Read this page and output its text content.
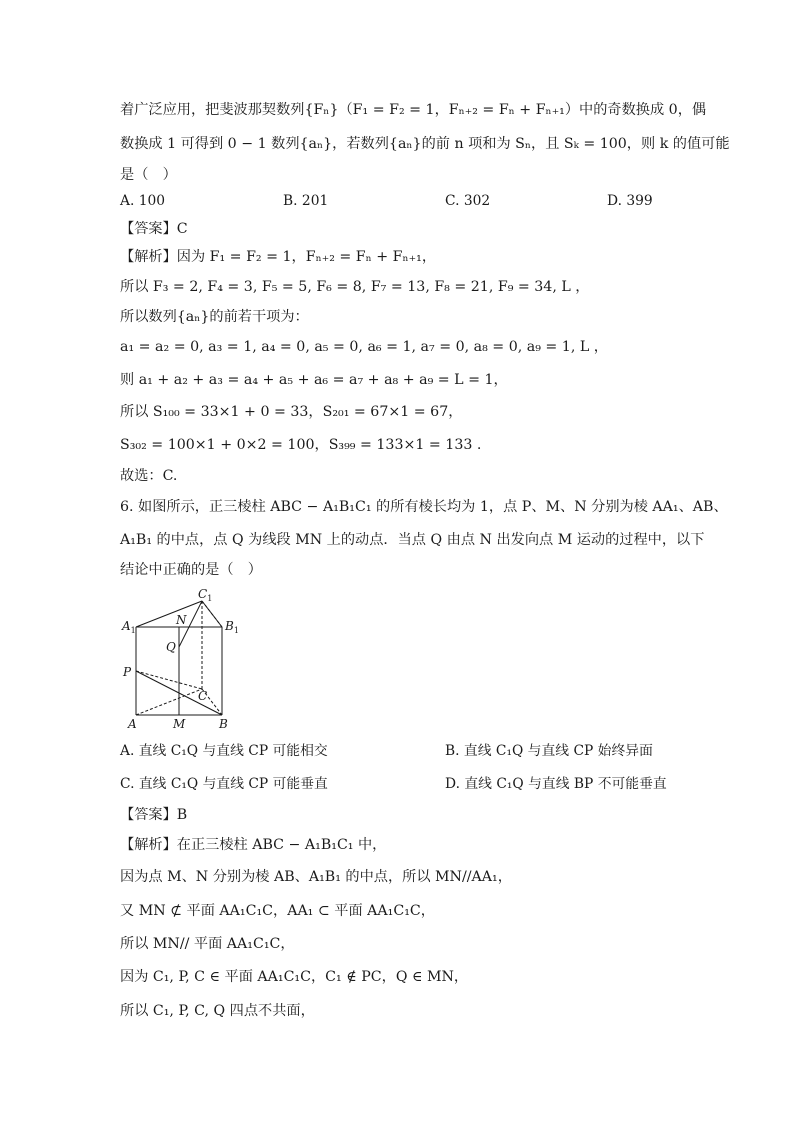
着广泛应用，把斐波那契数列{Fₙ}（F₁ = F₂ = 1，Fₙ₊₂ = Fₙ + Fₙ₊₁）中的奇数换成 0，偶
数换成 1 可得到 0 − 1 数列{aₙ}，若数列{aₙ}的前 n 项和为 Sₙ，且 Sₖ = 100，则 k 的值可能
是（　）
A. 100	B. 201	C. 302	D. 399
【答案】C
【解析】因为 F₁ = F₂ = 1，Fₙ₊₂ = Fₙ + Fₙ₊₁，
所以 F₃ = 2, F₄ = 3, F₅ = 5, F₆ = 8, F₇ = 13, F₈ = 21, F₉ = 34, L ，
所以数列{aₙ}的前若干项为：
a₁ = a₂ = 0, a₃ = 1, a₄ = 0, a₅ = 0, a₆ = 1, a₇ = 0, a₈ = 0, a₉ = 1, L ，
则 a₁ + a₂ + a₃ = a₄ + a₅ + a₆ = a₇ + a₈ + a₉ = L = 1，
所以 S₁₀₀ = 33×1 + 0 = 33，S₂₀₁ = 67×1 = 67，
S₃₀₂ = 100×1 + 0×2 = 100，S₃₉₉ = 133×1 = 133 .
故选：C.
6. 如图所示，正三棱柱 ABC − A₁B₁C₁ 的所有棱长均为 1，点 P、M、N 分别为棱 AA₁、AB、
A₁B₁ 的中点，点 Q 为线段 MN 上的动点．当点 Q 由点 N 出发向点 M 运动的过程中，以下
结论中正确的是（　）
$A_1$	$B_1$
$C_1$
N
Q
P
C
A	M	B
A. 直线 C₁Q 与直线 CP 可能相交	B. 直线 C₁Q 与直线 CP 始终异面
C. 直线 C₁Q 与直线 CP 可能垂直	D. 直线 C₁Q 与直线 BP 不可能垂直
【答案】B
【解析】在正三棱柱 ABC − A₁B₁C₁ 中，
因为点 M、N 分别为棱 AB、A₁B₁ 的中点，所以 MN//AA₁，
又 MN ⊄ 平面 AA₁C₁C，AA₁ ⊂ 平面 AA₁C₁C，
所以 MN// 平面 AA₁C₁C，
因为 C₁, P, C ∈ 平面 AA₁C₁C，C₁ ∉ PC，Q ∈ MN，
所以 C₁, P, C, Q 四点不共面，
